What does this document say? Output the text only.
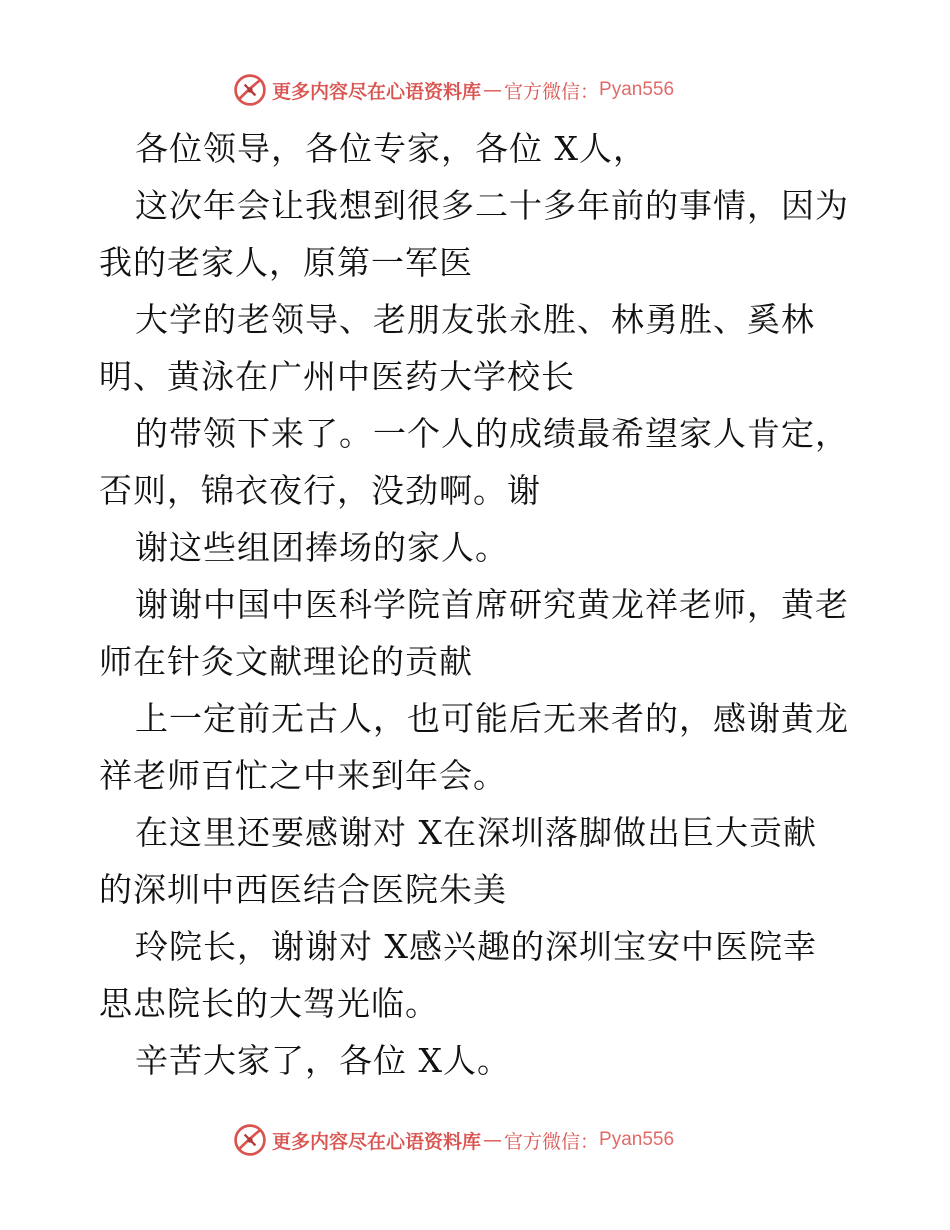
更多内容尽在心语资料库 — 官方微信： Pyan556
各位领导，各位专家，各位 X人，
这次年会让我想到很多二十多年前的事情，因为
我的老家人，原第一军医
大学的老领导、老朋友张永胜、林勇胜、奚林
明、黄泳在广州中医药大学校长
的带领下来了。一个人的成绩最希望家人肯定，
否则，锦衣夜行，没劲啊。谢
谢这些组团捧场的家人。
谢谢中国中医科学院首席研究黄龙祥老师，黄老
师在针灸文献理论的贡献
上一定前无古人，也可能后无来者的，感谢黄龙
祥老师百忙之中来到年会。
在这里还要感谢对 X在深圳落脚做出巨大贡献
的深圳中西医结合医院朱美
玲院长，谢谢对 X感兴趣的深圳宝安中医院幸
思忠院长的大驾光临。
辛苦大家了，各位 X人。
更多内容尽在心语资料库 — 官方微信： Pyan556
